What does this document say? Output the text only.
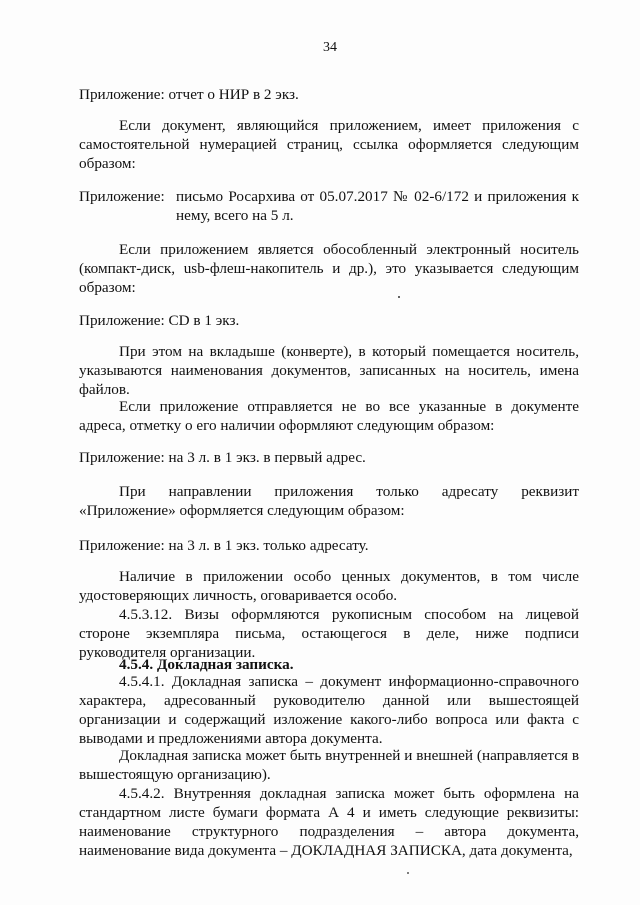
34

Приложение: отчет о НИР в 2 экз.

Если документ, являющийся приложением, имеет приложения с самостоятельной нумерацией страниц, ссылка оформляется следующим образом:

Приложение: письмо Росархива от 05.07.2017 № 02-6/172 и приложения к нему, всего на 5 л.

Если приложением является обособленный электронный носитель (компакт-диск, usb-флеш-накопитель и др.), это указывается следующим образом:

Приложение: CD в 1 экз.

При этом на вкладыше (конверте), в который помещается носитель, указываются наименования документов, записанных на носитель, имена файлов.

Если приложение отправляется не во все указанные в документе адреса, отметку о его наличии оформляют следующим образом:

Приложение: на 3 л. в 1 экз. в первый адрес.

При направлении приложения только адресату реквизит «Приложение» оформляется следующим образом:

Приложение: на 3 л. в 1 экз. только адресату.

Наличие в приложении особо ценных документов, в том числе удостоверяющих личность, оговаривается особо.

4.5.3.12. Визы оформляются рукописным способом на лицевой стороне экземпляра письма, остающегося в деле, ниже подписи руководителя организации.

4.5.4. Докладная записка.

4.5.4.1. Докладная записка – документ информационно-справочного характера, адресованный руководителю данной или вышестоящей организации и содержащий изложение какого-либо вопроса или факта с выводами и предложениями автора документа.

Докладная записка может быть внутренней и внешней (направляется в вышестоящую организацию).

4.5.4.2. Внутренняя докладная записка может быть оформлена на стандартном листе бумаги формата А 4 и иметь следующие реквизиты: наименование структурного подразделения – автора документа, наименование вида документа – ДОКЛАДНАЯ ЗАПИСКА, дата документа,
